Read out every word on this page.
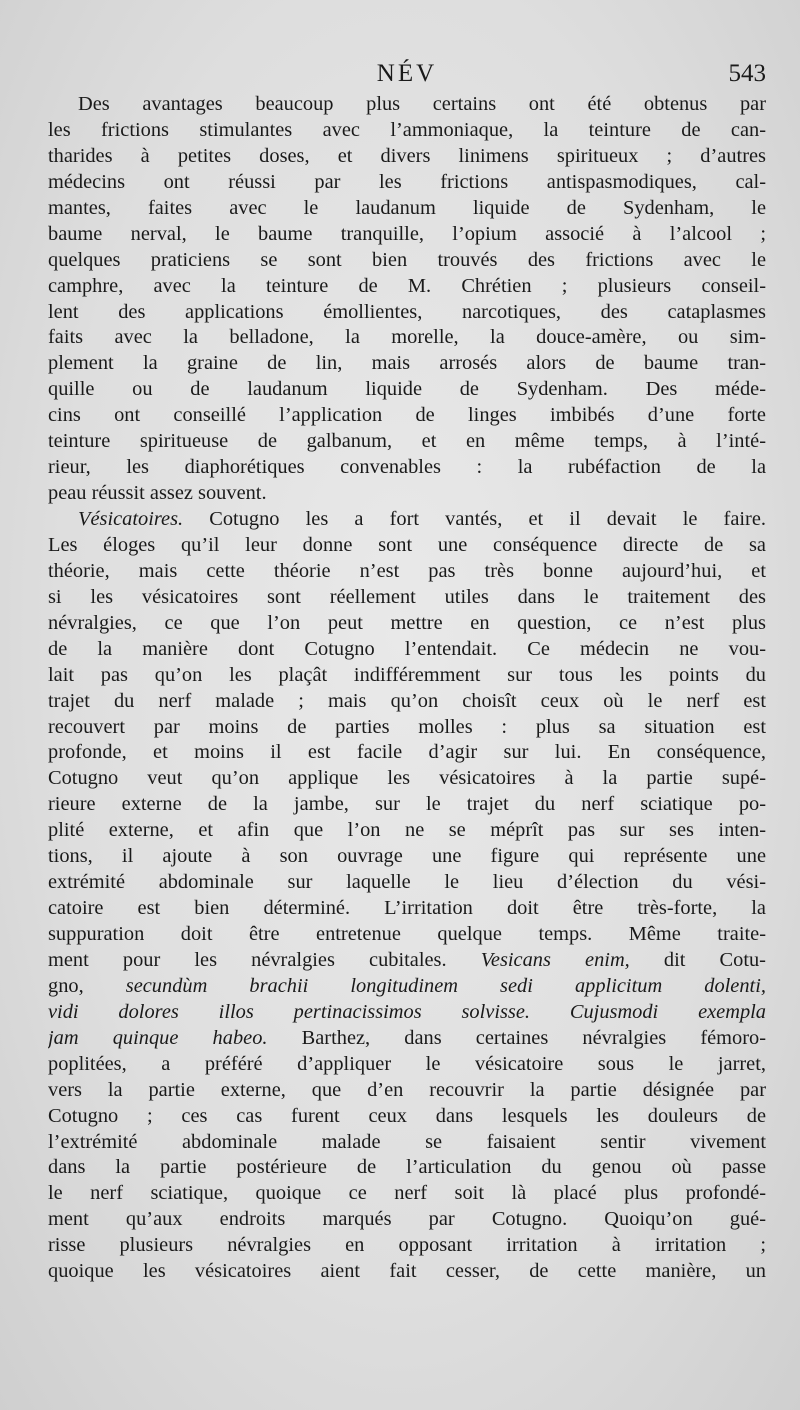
NÉV	543
Des avantages beaucoup plus certains ont été obtenus par
les frictions stimulantes avec l’ammoniaque, la teinture de can-
tharides à petites doses, et divers linimens spiritueux ; d’autres
médecins ont réussi par les frictions antispasmodiques, cal-
mantes, faites avec le laudanum liquide de Sydenham, le
baume nerval, le baume tranquille, l’opium associé à l’alcool ;
quelques praticiens se sont bien trouvés des frictions avec le
camphre, avec la teinture de M. Chrétien ; plusieurs conseil-
lent des applications émollientes, narcotiques, des cataplasmes
faits avec la belladone, la morelle, la douce-amère, ou sim-
plement la graine de lin, mais arrosés alors de baume tran-
quille ou de laudanum liquide de Sydenham. Des méde-
cins ont conseillé l’application de linges imbibés d’une forte
teinture spiritueuse de galbanum, et en même temps, à l’inté-
rieur, les diaphorétiques convenables : la rubéfaction de la
peau réussit assez souvent.
Vésicatoires. Cotugno les a fort vantés, et il devait le faire.
Les éloges qu’il leur donne sont une conséquence directe de sa
théorie, mais cette théorie n’est pas très bonne aujourd’hui, et
si les vésicatoires sont réellement utiles dans le traitement des
névralgies, ce que l’on peut mettre en question, ce n’est plus
de la manière dont Cotugno l’entendait. Ce médecin ne vou-
lait pas qu’on les plaçât indifféremment sur tous les points du
trajet du nerf malade ; mais qu’on choisît ceux où le nerf est
recouvert par moins de parties molles : plus sa situation est
profonde, et moins il est facile d’agir sur lui. En conséquence,
Cotugno veut qu’on applique les vésicatoires à la partie supé-
rieure externe de la jambe, sur le trajet du nerf sciatique po-
plité externe, et afin que l’on ne se méprît pas sur ses inten-
tions, il ajoute à son ouvrage une figure qui représente une
extrémité abdominale sur laquelle le lieu d’élection du vési-
catoire est bien déterminé. L’irritation doit être très-forte, la
suppuration doit être entretenue quelque temps. Même traite-
ment pour les névralgies cubitales. Vesicans enim, dit Cotu-
gno, secundùm brachii longitudinem sedi applicitum dolenti,
vidi dolores illos pertinacissimos solvisse. Cujusmodi exempla
jam quinque habeo. Barthez, dans certaines névralgies fémoro-
poplitées, a préféré d’appliquer le vésicatoire sous le jarret,
vers la partie externe, que d’en recouvrir la partie désignée par
Cotugno ; ces cas furent ceux dans lesquels les douleurs de
l’extrémité abdominale malade se faisaient sentir vivement
dans la partie postérieure de l’articulation du genou où passe
le nerf sciatique, quoique ce nerf soit là placé plus profondé-
ment qu’aux endroits marqués par Cotugno. Quoiqu’on gué-
risse plusieurs névralgies en opposant irritation à irritation ;
quoique les vésicatoires aient fait cesser, de cette manière, un
